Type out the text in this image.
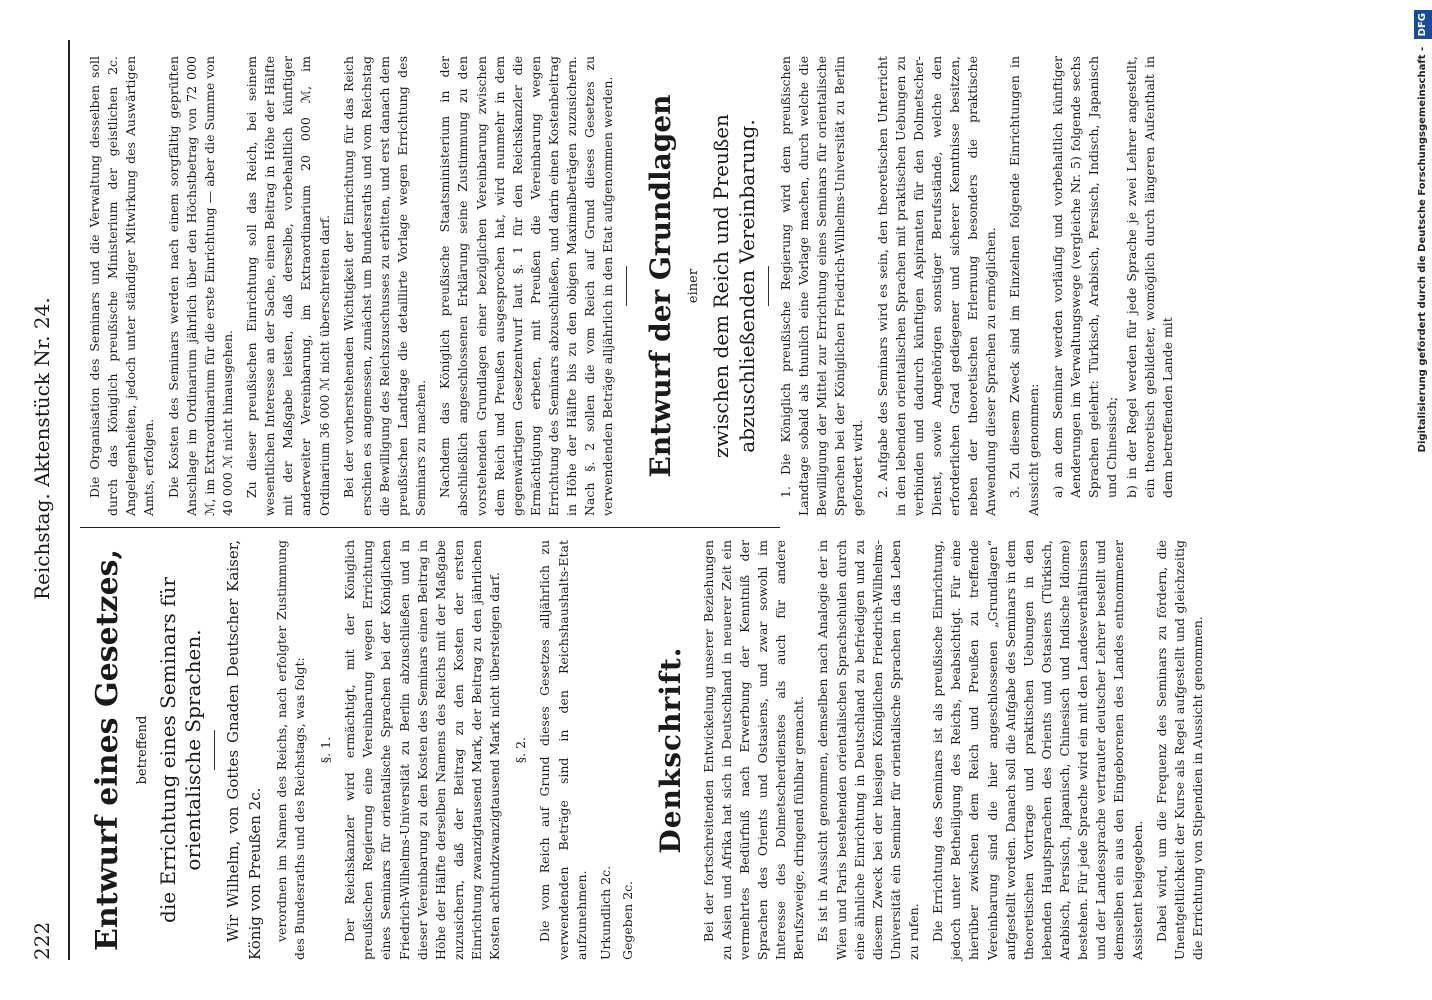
222
Reichstag. Aktenstück Nr. 24.
Entwurf eines Gesetzes, betreffend die Errichtung eines Seminars für orientalische Sprachen. Wir Wilhelm, von Gottes Gnaden Deutscher Kaiser, König von Preußen 2c. verordnen im Namen des Reichs, nach erfolgter Zustimmung des Bundesraths und des Reichstags, was folgt: §. 1. Der Reichskanzler wird ermächtigt, mit der Königlich preußischen Regierung eine Vereinbarung wegen Errichtung eines Seminars für orientalische Sprachen bei der Königlichen Friedrich-Wilhelms-Universität zu Berlin abzuschließen und in dieser Vereinbarung zu den Kosten des Seminars einen Beitrag in Höhe der Hälfte derselben Namens des Reichs mit der Maßgabe zuzusichern, daß der Beitrag zu den Kosten der ersten Einrichtung zwanzigtausend Mark, der Beitrag zu den jährlichen Kosten achtundzwanzigtausend Mark nicht übersteigen darf. §. 2. Die vom Reich auf Grund dieses Gesetzes alljährlich zu verwendenden Beträge sind in den Reichshaushalts-Etat aufzunehmen. Urkundlich 2c. Gegeben 2c.
Denkschrift.	Bei der fortschreitenden Entwickelung unserer Beziehungen zu Asien und Afrika hat sich in Deutschland in neuerer Zeit ein vermehrtes Bedürfniß nach Erwerbung der Kenntniß der Sprachen des Orients und Ostasiens, und zwar sowohl im Interesse des Dolmetscherdienstes als auch für andere Berufszweige, dringend fühlbar gemacht. Es ist in Aussicht genommen, demselben nach Analogie der in Wien und Paris bestehenden orientalischen Sprachschulen durch eine ähnliche Einrichtung in Deutschland zu befriedigen und zu diesem Zweck bei der hiesigen Königlichen Friedrich-Wilhelms-Universität ein Seminar für orientalische Sprachen in das Leben zu rufen. Die Errichtung des Seminars ist als preußische Einrichtung, jedoch unter Betheiligung des Reichs, beabsichtigt. Für eine hierüber zwischen dem Reich und Preußen zu treffende Vereinbarung sind die hier angeschlossenen „Grundlagen“ aufgestellt worden. Danach soll die Aufgabe des Seminars in dem theoretischen Vortrage und praktischen Uebungen in den lebenden Hauptsprachen des Orients und Ostasiens (Türkisch, Arabisch, Persisch, Japanisch, Chinesisch und Indische Idiome) bestehen. Für jede Sprache wird ein mit den Landesverhältnissen und der Landessprache vertrauter deutscher Lehrer bestellt und demselben ein aus den Eingeborenen des Landes entnommener Assistent beigegeben. Dabei wird, um die Frequenz des Seminars zu fördern, die Unentgeltlichkeit der Kurse als Regel aufgestellt und gleichzeitig die Errichtung von Stipendien in Aussicht genommen.
Die Organisation des Seminars und die Verwaltung desselben soll durch das Königlich preußische Ministerium der geistlichen 2c. Angelegenheiten, jedoch unter ständiger Mitwirkung des Auswärtigen Amts, erfolgen. Die Kosten des Seminars werden nach einem sorgfältig geprüften Anschlage im Ordinarium jährlich über den Höchstbetrag von 72 000 ℳ, im Extraordinarium für die erste Einrichtung — aber die Summe von 40 000 ℳ nicht hinausgehen. Zu dieser preußischen Einrichtung soll das Reich, bei seinem wesentlichen Interesse an der Sache, einen Beitrag in Höhe der Hälfte mit der Maßgabe leisten, daß derselbe, vorbehaltlich künftiger anderweiter Vereinbarung, im Extraordinarium 20 000 ℳ, im Ordinarium 36 000 ℳ nicht überschreiten darf. Bei der vorherstehenden Wichtigkeit der Einrichtung für das Reich erschien es angemessen, zunächst um Bundesraths und vom Reichstag die Bewilligung des Reichszuschusses zu erbitten, und erst danach dem preußischen Landtage die detaillirte Vorlage wegen Errichtung des Seminars zu machen. Nachdem das Königlich preußische Staatsministerium in der abschließlich angeschlossenen Erklärung seine Zustimmung zu den vorstehenden Grundlagen einer bezüglichen Vereinbarung zwischen dem Reich und Preußen ausgesprochen hat, wird nunmehr in dem gegenwärtigen Gesetzentwurf laut §. 1 für den Reichskanzler die Ermächtigung erbeten, mit Preußen die Vereinbarung wegen Errichtung des Seminars abzuschließen, und darin einen Kostenbeitrag in Höhe der Hälfte bis zu den obigen Maximalbeträgen zuzusichern. Nach §. 2 sollen die vom Reich auf Grund dieses Gesetzes zu verwendenden Beträge alljährlich in den Etat aufgenommen werden. Entwurf der Grundlagen einer zwischen dem Reich und Preußen abzuschließenden Vereinbarung. 1. Die Königlich preußische Regierung wird dem preußischen Landtage sobald als thunlich eine Vorlage machen, durch welche die Bewilligung der Mittel zur Errichtung eines Seminars für orientalische Sprachen bei der Königlichen Friedrich-Wilhelms-Universität zu Berlin gefordert wird. 2. Aufgabe des Seminars wird es sein, den theoretischen Unterricht in den lebenden orientalischen Sprachen mit praktischen Uebungen zu verbinden und dadurch künftigen Aspiranten für den Dolmetscher-Dienst, sowie Angehörigen sonstiger Berufsstände, welche den erforderlichen Grad gediegener und sicherer Kenntnisse besitzen, neben der theoretischen Erlernung besonders die praktische Anwendung dieser Sprachen zu ermöglichen. 3. Zu diesem Zweck sind im Einzelnen folgende Einrichtungen in Aussicht genommen: a) an dem Seminar werden vorläufig und vorbehaltlich künftiger Aenderungen im Verwaltungswege (vergleiche Nr. 5) folgende sechs Sprachen gelehrt: Türkisch, Arabisch, Persisch, Indisch, Japanisch und Chinesisch; b) in der Regel werden für jede Sprache je zwei Lehrer angestellt, ein theoretisch gebildeter, womöglich durch längeren Aufenthalt in dem betreffenden Lande mit	Digitalisierung gefördert durch die Deutsche Forschungsgemeinschaft - DFG
